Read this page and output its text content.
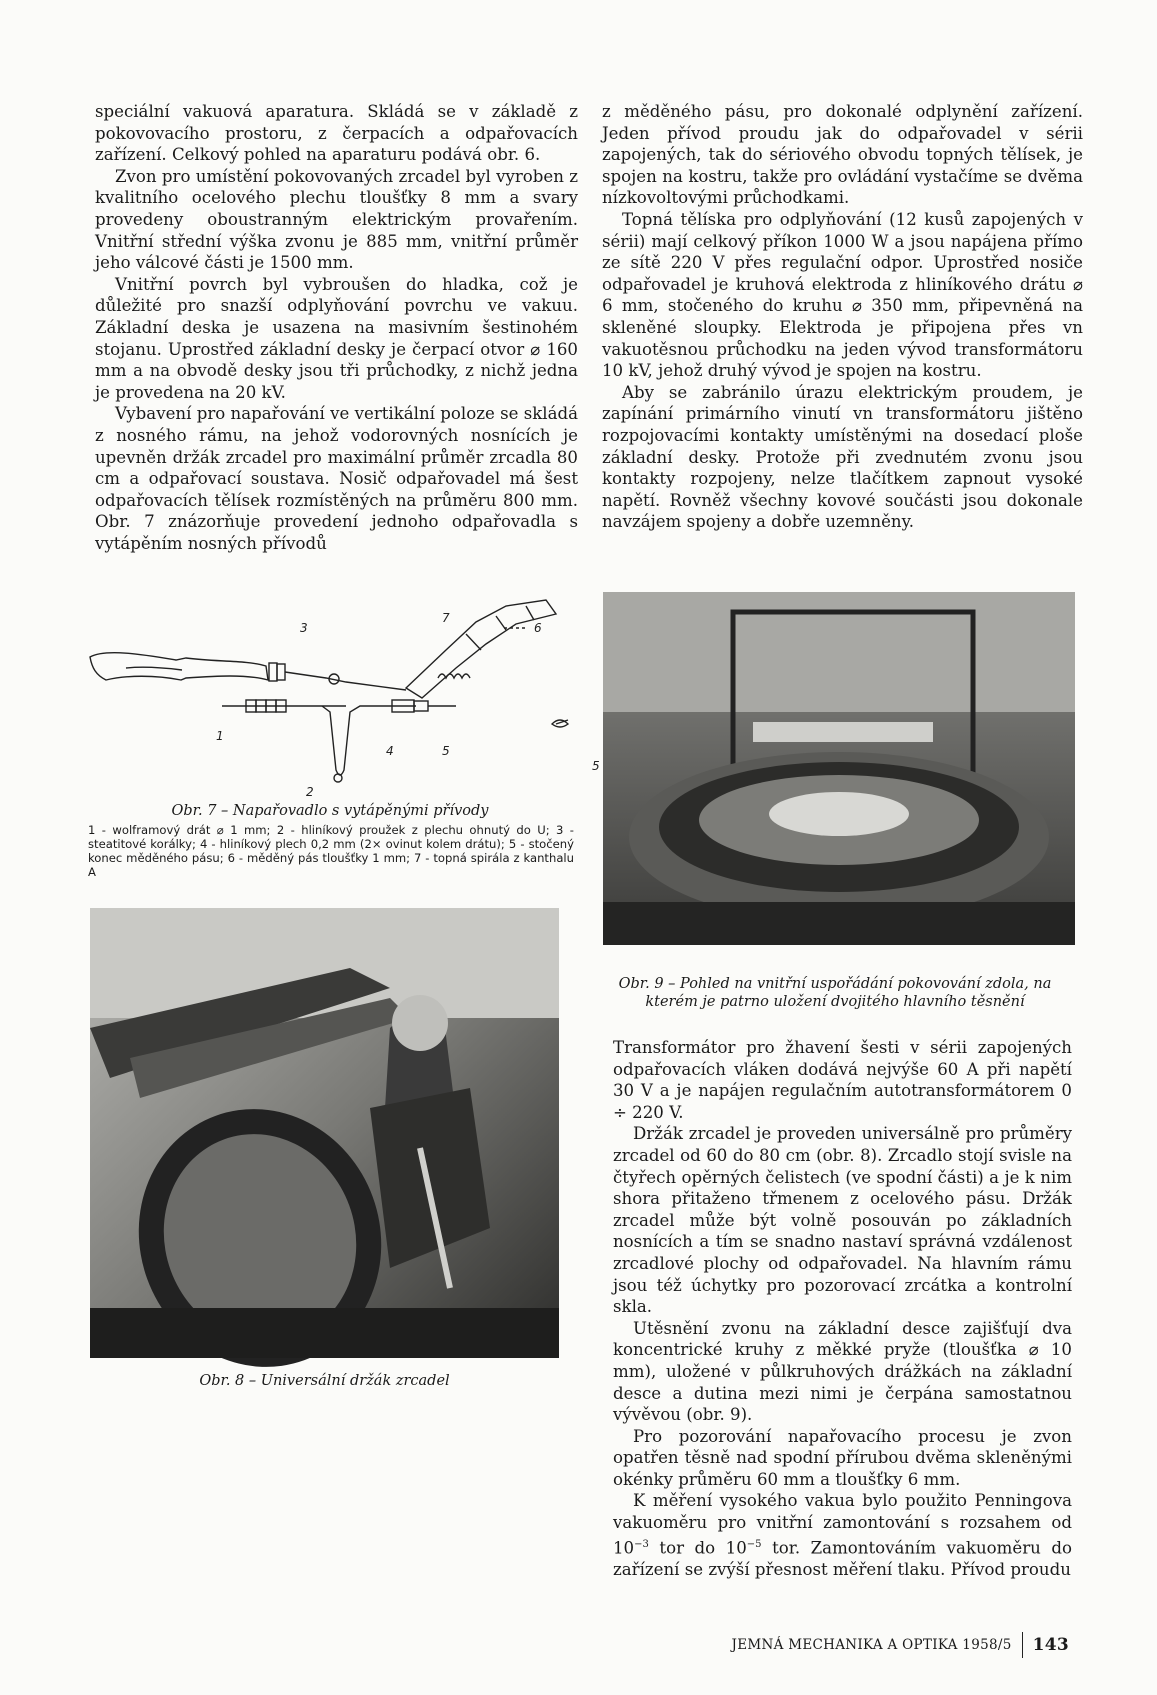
speciální vakuová aparatura. Skládá se v základě z pokovovacího prostoru, z čerpacích a odpařovacích zařízení. Celkový pohled na aparaturu podává obr. 6.

Zvon pro umístění pokovovaných zrcadel byl vyroben z kvalitního ocelového plechu tloušťky 8 mm a svary provedeny oboustranným elektrickým provařením. Vnitřní střední výška zvonu je 885 mm, vnitřní průměr jeho válcové části je 1500 mm.

Vnitřní povrch byl vybroušen do hladka, což je důležité pro snazší odplyňování povrchu ve vakuu. Základní deska je usazena na masivním šestinohém stojanu. Uprostřed základní desky je čerpací otvor ⌀ 160 mm a na obvodě desky jsou tři průchodky, z nichž jedna je provedena na 20 kV.

Vybavení pro napařování ve vertikální poloze se skládá z nosného rámu, na jehož vodorovných nosnících je upevněn držák zrcadel pro maximální průměr zrcadla 80 cm a odpařovací soustava. Nosič odpařovadel má šest odpařovacích tělísek rozmístěných na průměru 800 mm. Obr. 7 znázorňuje provedení jednoho odpařovadla s vytápěním nosných přívodů

z měděného pásu, pro dokonalé odplynění zařízení. Jeden přívod proudu jak do odpařovadel v sérii zapojených, tak do sériového obvodu topných tělísek, je spojen na kostru, takže pro ovládání vystačíme se dvěma nízkovoltovými průchodkami.

Topná tělíska pro odplyňování (12 kusů zapojených v sérii) mají celkový příkon 1000 W a jsou napájena přímo ze sítě 220 V přes regulační odpor. Uprostřed nosiče odpařovadel je kruhová elektroda z hliníkového drátu ⌀ 6 mm, stočeného do kruhu ⌀ 350 mm, připevněná na skleněné sloupky. Elektroda je připojena přes vn vakuotěsnou průchodku na jeden vývod transformátoru 10 kV, jehož druhý vývod je spojen na kostru.

Aby se zabránilo úrazu elektrickým proudem, je zapínání primárního vinutí vn transformátoru jištěno rozpojovacími kontakty umístěnými na dosedací ploše základní desky. Protože při zvednutém zvonu jsou kontakty rozpojeny, nelze tlačítkem zapnout vysoké napětí. Rovněž všechny kovové součásti jsou dokonale navzájem spojeny a dobře uzemněny.

3
7
6
1
2
4	5
5
Obr. 7 – Napařovadlo s vytápěnými přívody
1 - wolframový drát ⌀ 1 mm; 2 - hliníkový proužek z plechu ohnutý do U; 3 - steatitové korálky; 4 - hliníkový plech 0,2 mm (2× ovinut kolem drátu); 5 - stočený konec měděného pásu; 6 - měděný pás tloušťky 1 mm; 7 - topná spirála z kanthalu A
Obr. 8 – Universální držák zrcadel
Obr. 9 – Pohled na vnitřní uspořádání pokovování zdola, na kterém je patrno uložení dvojitého hlavního těsnění

Transformátor pro žhavení šesti v sérii zapojených odpařovacích vláken dodává nejvýše 60 A při napětí 30 V a je napájen regulačním autotransformátorem 0 ÷ 220 V.

Držák zrcadel je proveden universálně pro průměry zrcadel od 60 do 80 cm (obr. 8). Zrcadlo stojí svisle na čtyřech opěrných čelistech (ve spodní části) a je k nim shora přitaženo třmenem z ocelového pásu. Držák zrcadel může být volně posouván po základních nosnících a tím se snadno nastaví správná vzdálenost zrcadlové plochy od odpařovadel. Na hlavním rámu jsou též úchytky pro pozorovací zrcátka a kontrolní skla.

Utěsnění zvonu na základní desce zajišťují dva koncentrické kruhy z měkké pryže (tloušťka ⌀ 10 mm), uložené v půlkruhových drážkách na základní desce a dutina mezi nimi je čerpána samostatnou vývěvou (obr. 9).

Pro pozorování napařovacího procesu je zvon opatřen těsně nad spodní přírubou dvěma skleněnými okénky průměru 60 mm a tloušťky 6 mm.

K měření vysokého vakua bylo použito Penningova vakuoměru pro vnitřní zamontování s rozsahem od $10^{-3}$ tor do $10^{-5}$ tor. Zamontováním vakuoměru do zařízení se zvýší přesnost měření tlaku. Přívod proudu

JEMNÁ MECHANIKA A OPTIKA 1958/5 143
